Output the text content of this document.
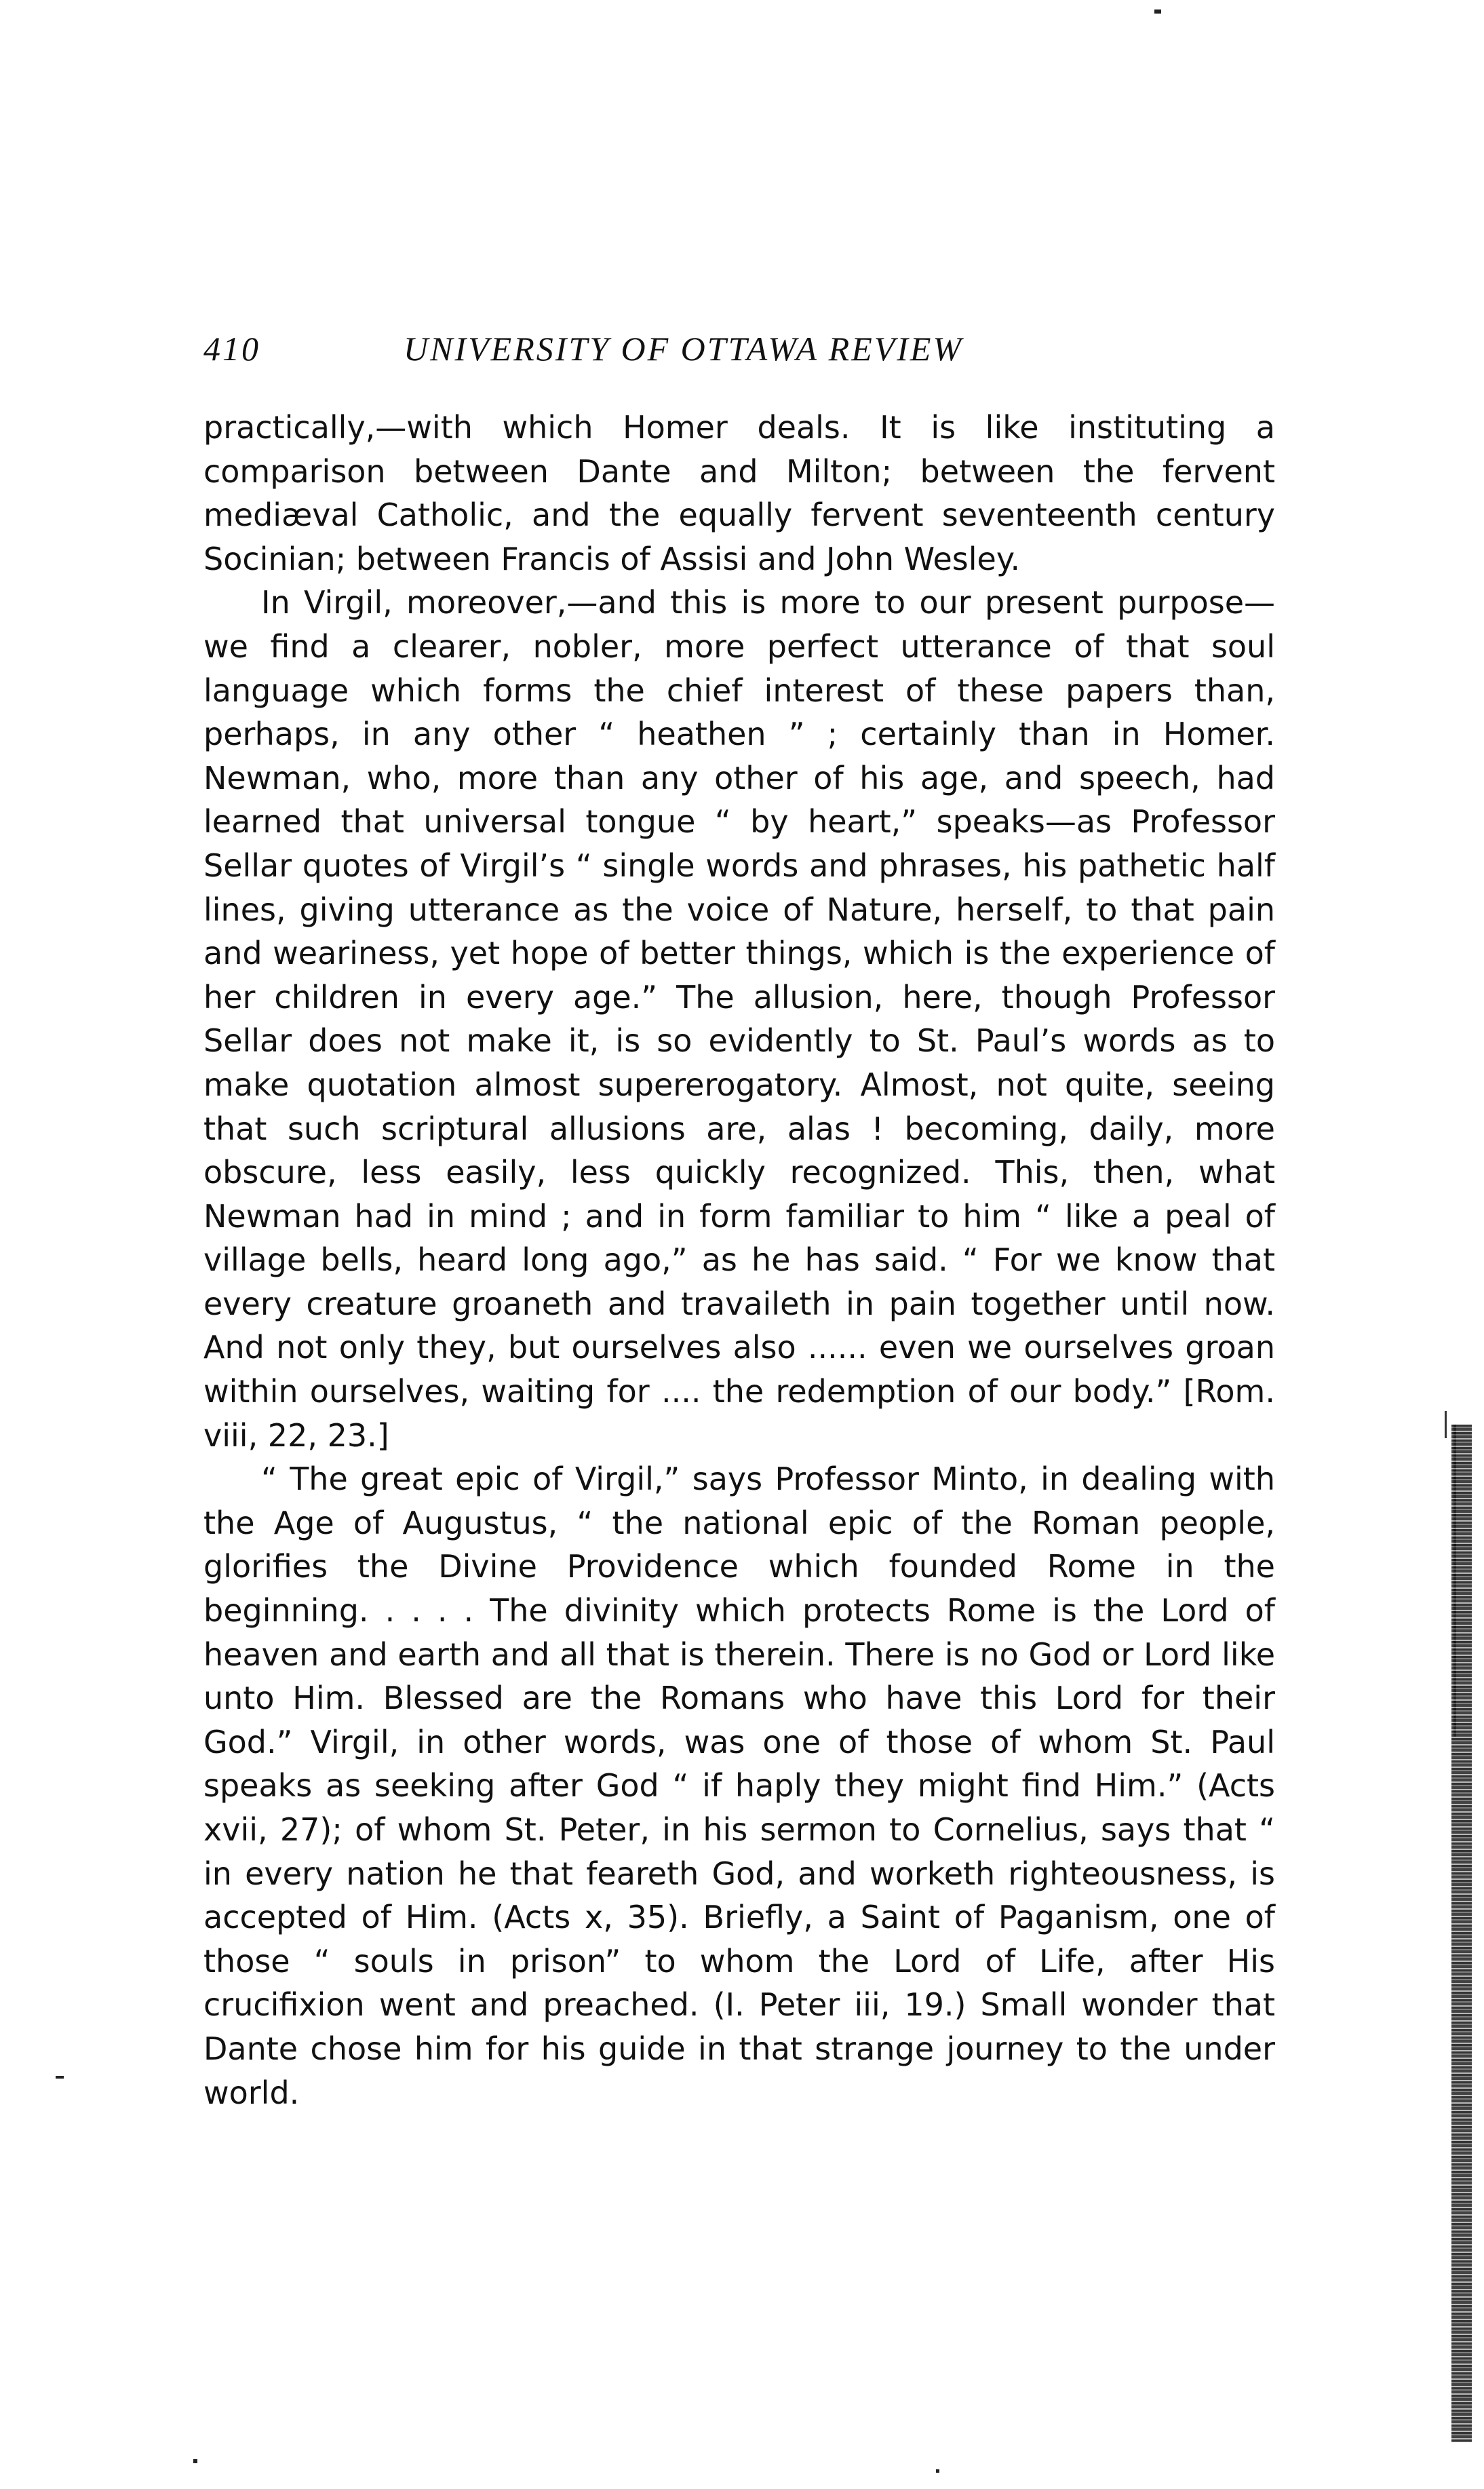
410	UNIVERSITY OF OTTAWA REVIEW

practically,—with which Homer deals. It is like instituting a comparison between Dante and Milton; between the fervent mediæval Catholic, and the equally fervent seventeenth century Socinian; between Francis of Assisi and John Wesley.

In Virgil, moreover,—and this is more to our present purpose—we find a clearer, nobler, more perfect utterance of that soul language which forms the chief interest of these papers than, perhaps, in any other “ heathen ” ; certainly than in Homer. Newman, who, more than any other of his age, and speech, had learned that universal tongue “ by heart,” speaks—as Professor Sellar quotes of Virgil’s “ single words and phrases, his pathetic half lines, giving utterance as the voice of Nature, herself, to that pain and weariness, yet hope of better things, which is the experience of her children in every age.” The allusion, here, though Professor Sellar does not make it, is so evidently to St. Paul’s words as to make quotation almost supererogatory. Almost, not quite, seeing that such scriptural allusions are, alas ! becoming, daily, more obscure, less easily, less quickly recognized. This, then, what Newman had in mind ; and in form familiar to him “ like a peal of village bells, heard long ago,” as he has said. “ For we know that every creature groaneth and travaileth in pain together until now. And not only they, but ourselves also ...... even we ourselves groan within ourselves, waiting for .... the redemption of our body.” [Rom. viii, 22, 23.]

“ The great epic of Virgil,” says Professor Minto, in dealing with the Age of Augustus, “ the national epic of the Roman people, glorifies the Divine Providence which founded Rome in the beginning. . . . . The divinity which protects Rome is the Lord of heaven and earth and all that is therein. There is no God or Lord like unto Him. Blessed are the Romans who have this Lord for their God.” Virgil, in other words, was one of those of whom St. Paul speaks as seeking after God “ if haply they might find Him.” (Acts xvii, 27); of whom St. Peter, in his sermon to Cornelius, says that “ in every nation he that feareth God, and worketh righteousness, is accepted of Him. (Acts x, 35). Briefly, a Saint of Paganism, one of those “ souls in prison” to whom the Lord of Life, after His crucifixion went and preached. (I. Peter iii, 19.) Small wonder that Dante chose him for his guide in that strange journey to the under world.
